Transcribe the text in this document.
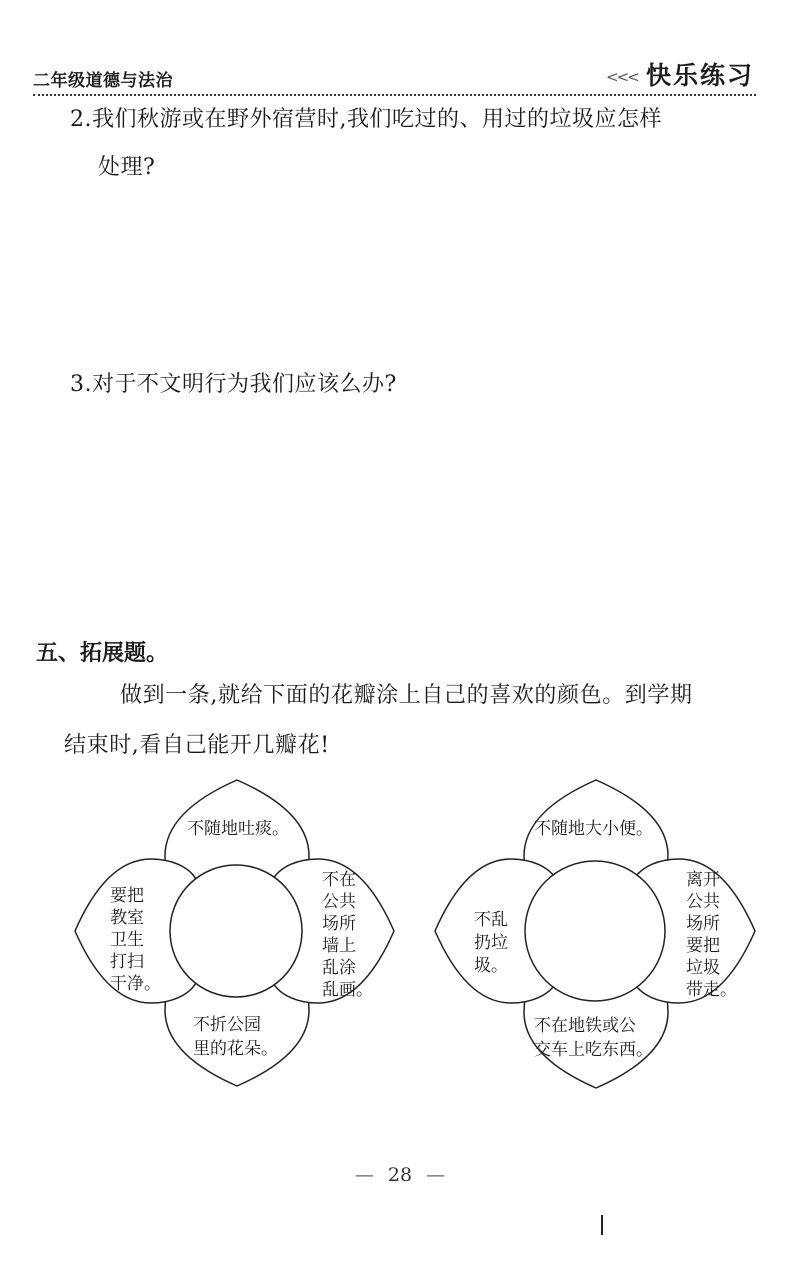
二年级道德与法治	<<< 快乐练习
2.我们秋游或在野外宿营时,我们吃过的、用过的垃圾应怎样
处理?
3.对于不文明行为我们应该么办?
五、拓展题。
做到一条,就给下面的花瓣涂上自己的喜欢的颜色。到学期
结束时,看自己能开几瓣花!
不随地吐痰。
不在
公共
场所
墙上
乱涂
乱画。
要把
教室
卫生
打扫
干净。
不折公园
里的花朵。
不随地大小便。
离开
公共
场所
要把
垃圾
带走。
不乱
扔垃
圾。
不在地铁或公
交车上吃东西。
— 28 —
